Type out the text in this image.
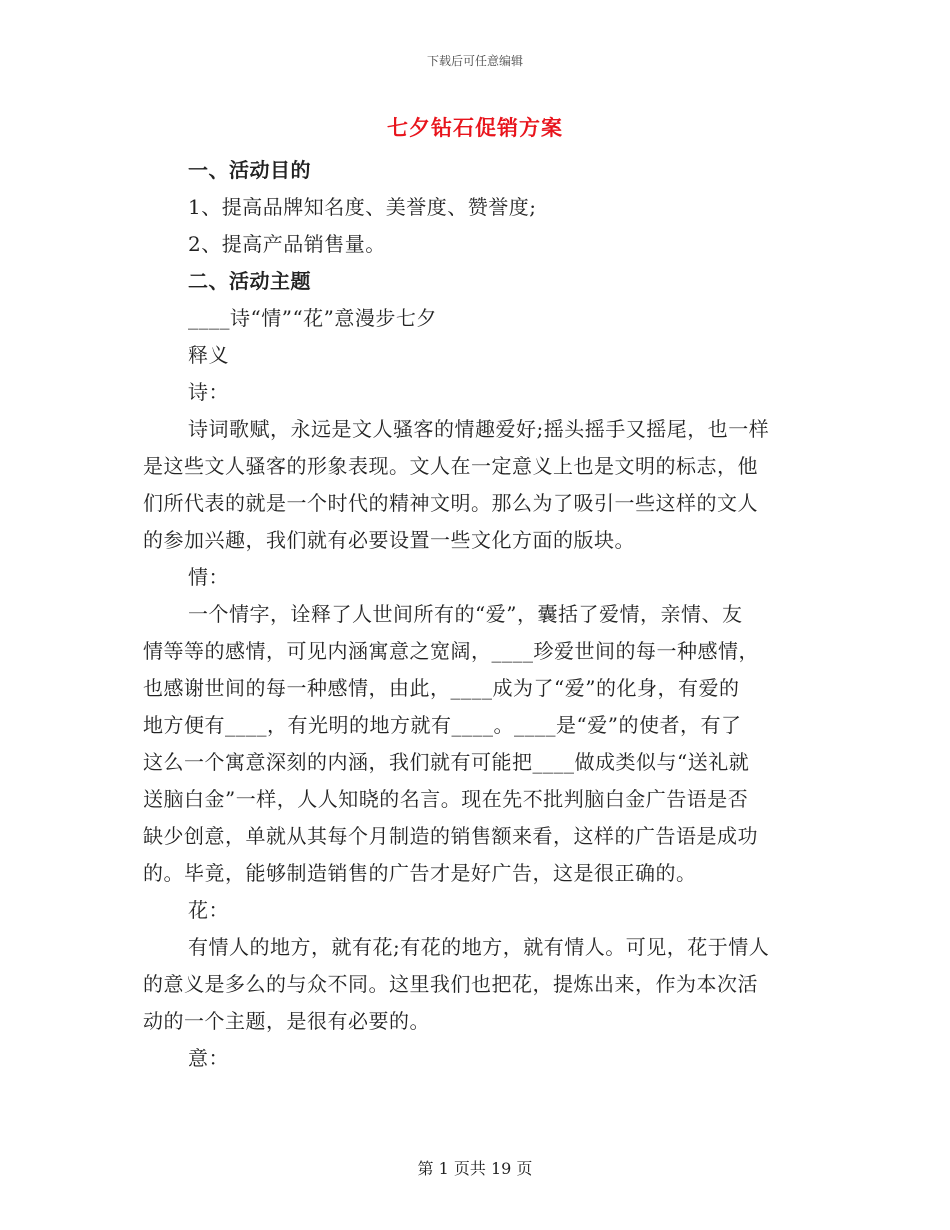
下载后可任意编辑
七夕钻石促销方案
一、活动目的
1、提高品牌知名度、美誉度、赞誉度;
2、提高产品销售量。
二、活动主题
____诗“情”“花”意漫步七夕
释义
诗：
诗词歌赋，永远是文人骚客的情趣爱好;摇头摇手又摇尾，也一样
是这些文人骚客的形象表现。文人在一定意义上也是文明的标志，他
们所代表的就是一个时代的精神文明。那么为了吸引一些这样的文人
的参加兴趣，我们就有必要设置一些文化方面的版块。
情：
一个情字，诠释了人世间所有的“爱”，囊括了爱情，亲情、友
情等等的感情，可见内涵寓意之宽阔，____珍爱世间的每一种感情，
也感谢世间的每一种感情，由此，____成为了“爱”的化身，有爱的
地方便有____，有光明的地方就有____。____是“爱”的使者，有了
这么一个寓意深刻的内涵，我们就有可能把____做成类似与“送礼就
送脑白金”一样，人人知晓的名言。现在先不批判脑白金广告语是否
缺少创意，单就从其每个月制造的销售额来看，这样的广告语是成功
的。毕竟，能够制造销售的广告才是好广告，这是很正确的。
花：
有情人的地方，就有花;有花的地方，就有情人。可见，花于情人
的意义是多么的与众不同。这里我们也把花，提炼出来，作为本次活
动的一个主题，是很有必要的。
意：
第 1 页共 19 页
